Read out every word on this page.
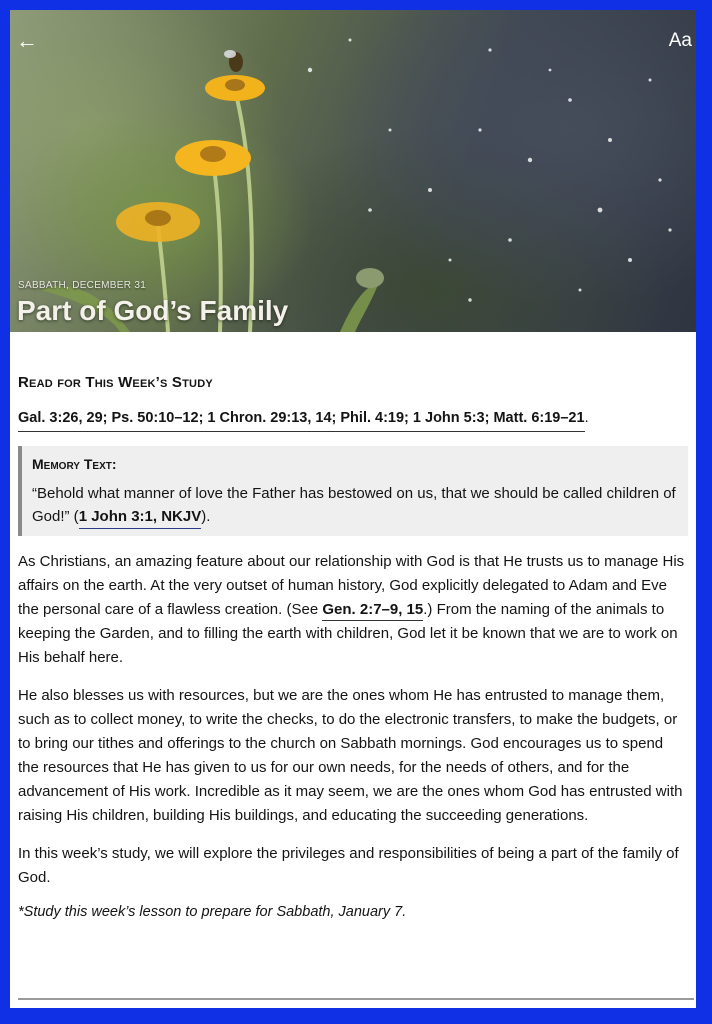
←	Aa
SABBATH, DECEMBER 31
Part of God’s Family
Read for This Week’s Study
Gal. 3:26, 29; Ps. 50:10–12; 1 Chron. 29:13, 14; Phil. 4:19; 1 John 5:3; Matt. 6:19–21.
Memory Text:
“Behold what manner of love the Father has bestowed on us, that we should be called children of God!” (1 John 3:1, NKJV).

As Christians, an amazing feature about our relationship with God is that He trusts us to manage His affairs on the earth. At the very outset of human history, God explicitly delegated to Adam and Eve the personal care of a flawless creation. (See Gen. 2:7–9, 15.) From the naming of the animals to keeping the Garden, and to filling the earth with children, God let it be known that we are to work on His behalf here.

He also blesses us with resources, but we are the ones whom He has entrusted to manage them, such as to collect money, to write the checks, to do the electronic transfers, to make the budgets, or to bring our tithes and offerings to the church on Sabbath mornings. God encourages us to spend the resources that He has given to us for our own needs, for the needs of others, and for the advancement of His work. Incredible as it may seem, we are the ones whom God has entrusted with raising His children, building His buildings, and educating the succeeding generations.

In this week’s study, we will explore the privileges and responsibilities of being a part of the family of God.

*Study this week’s lesson to prepare for Sabbath, January 7.
